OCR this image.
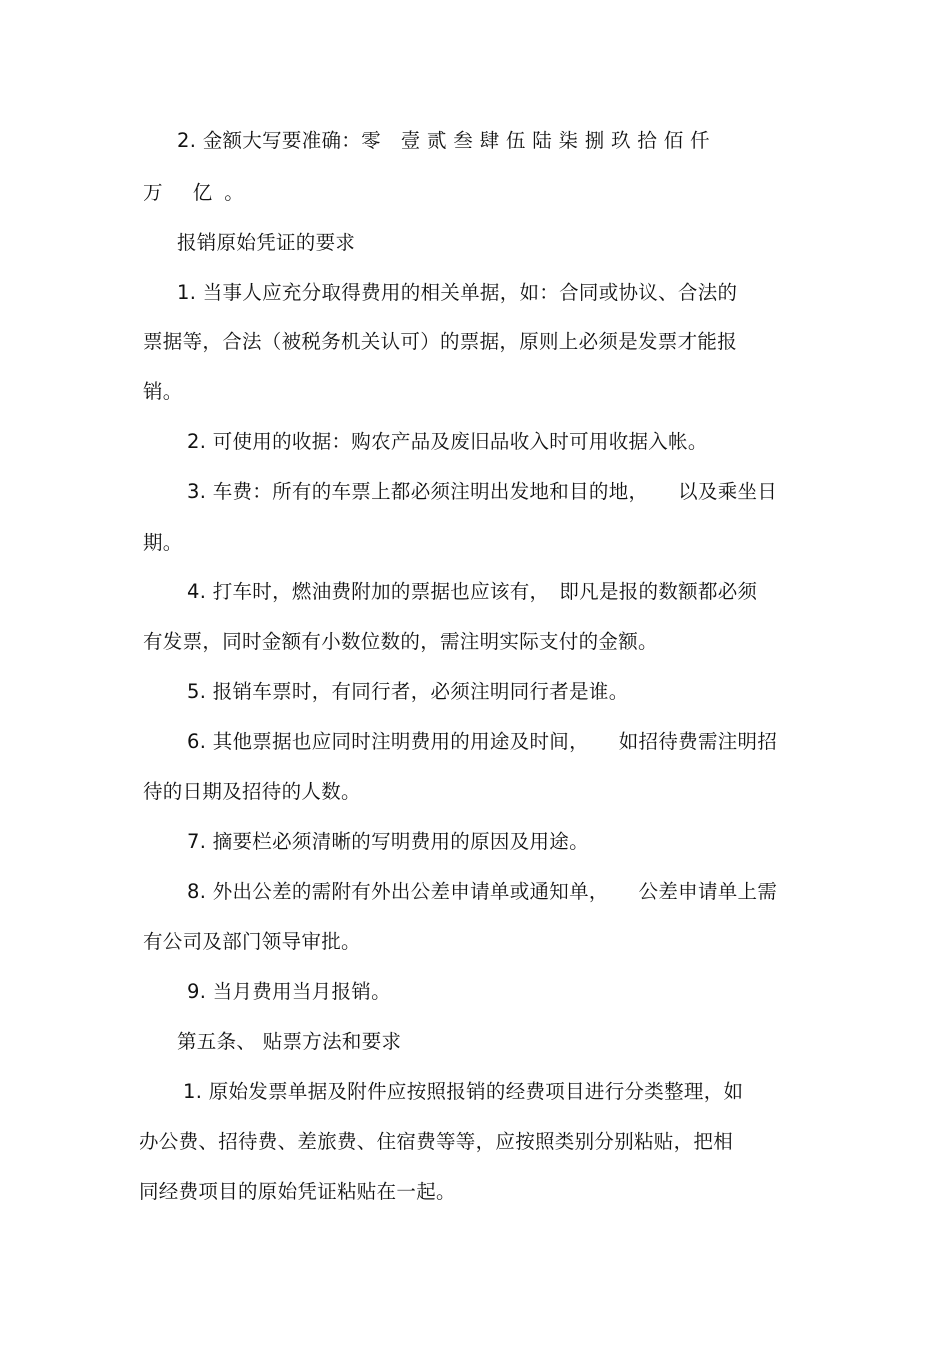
2. 金额大写要准确：零　壹 贰 叁 肆 伍 陆 柒 捌 玖 拾 佰 仟
万 亿。
报销原始凭证的要求
1. 当事人应充分取得费用的相关单据，如：合同或协议、合法的
票据等，合法（被税务机关认可）的票据，原则上必须是发票才能报
销。
2. 可使用的收据：购农产品及废旧品收入时可用收据入帐。
3. 车费：所有的车票上都必须注明出发地和目的地，　　以及乘坐日
期。
4. 打车时，燃油费附加的票据也应该有，　即凡是报的数额都必须
有发票，同时金额有小数位数的，需注明实际支付的金额。
5. 报销车票时，有同行者，必须注明同行者是谁。
6. 其他票据也应同时注明费用的用途及时间，　　如招待费需注明招
待的日期及招待的人数。
7. 摘要栏必须清晰的写明费用的原因及用途。
8. 外出公差的需附有外出公差申请单或通知单，　　公差申请单上需
有公司及部门领导审批。
9. 当月费用当月报销。
第五条、 贴票方法和要求
1. 原始发票单据及附件应按照报销的经费项目进行分类整理，如
办公费、招待费、差旅费、住宿费等等，应按照类别分别粘贴，把相
同经费项目的原始凭证粘贴在一起。
